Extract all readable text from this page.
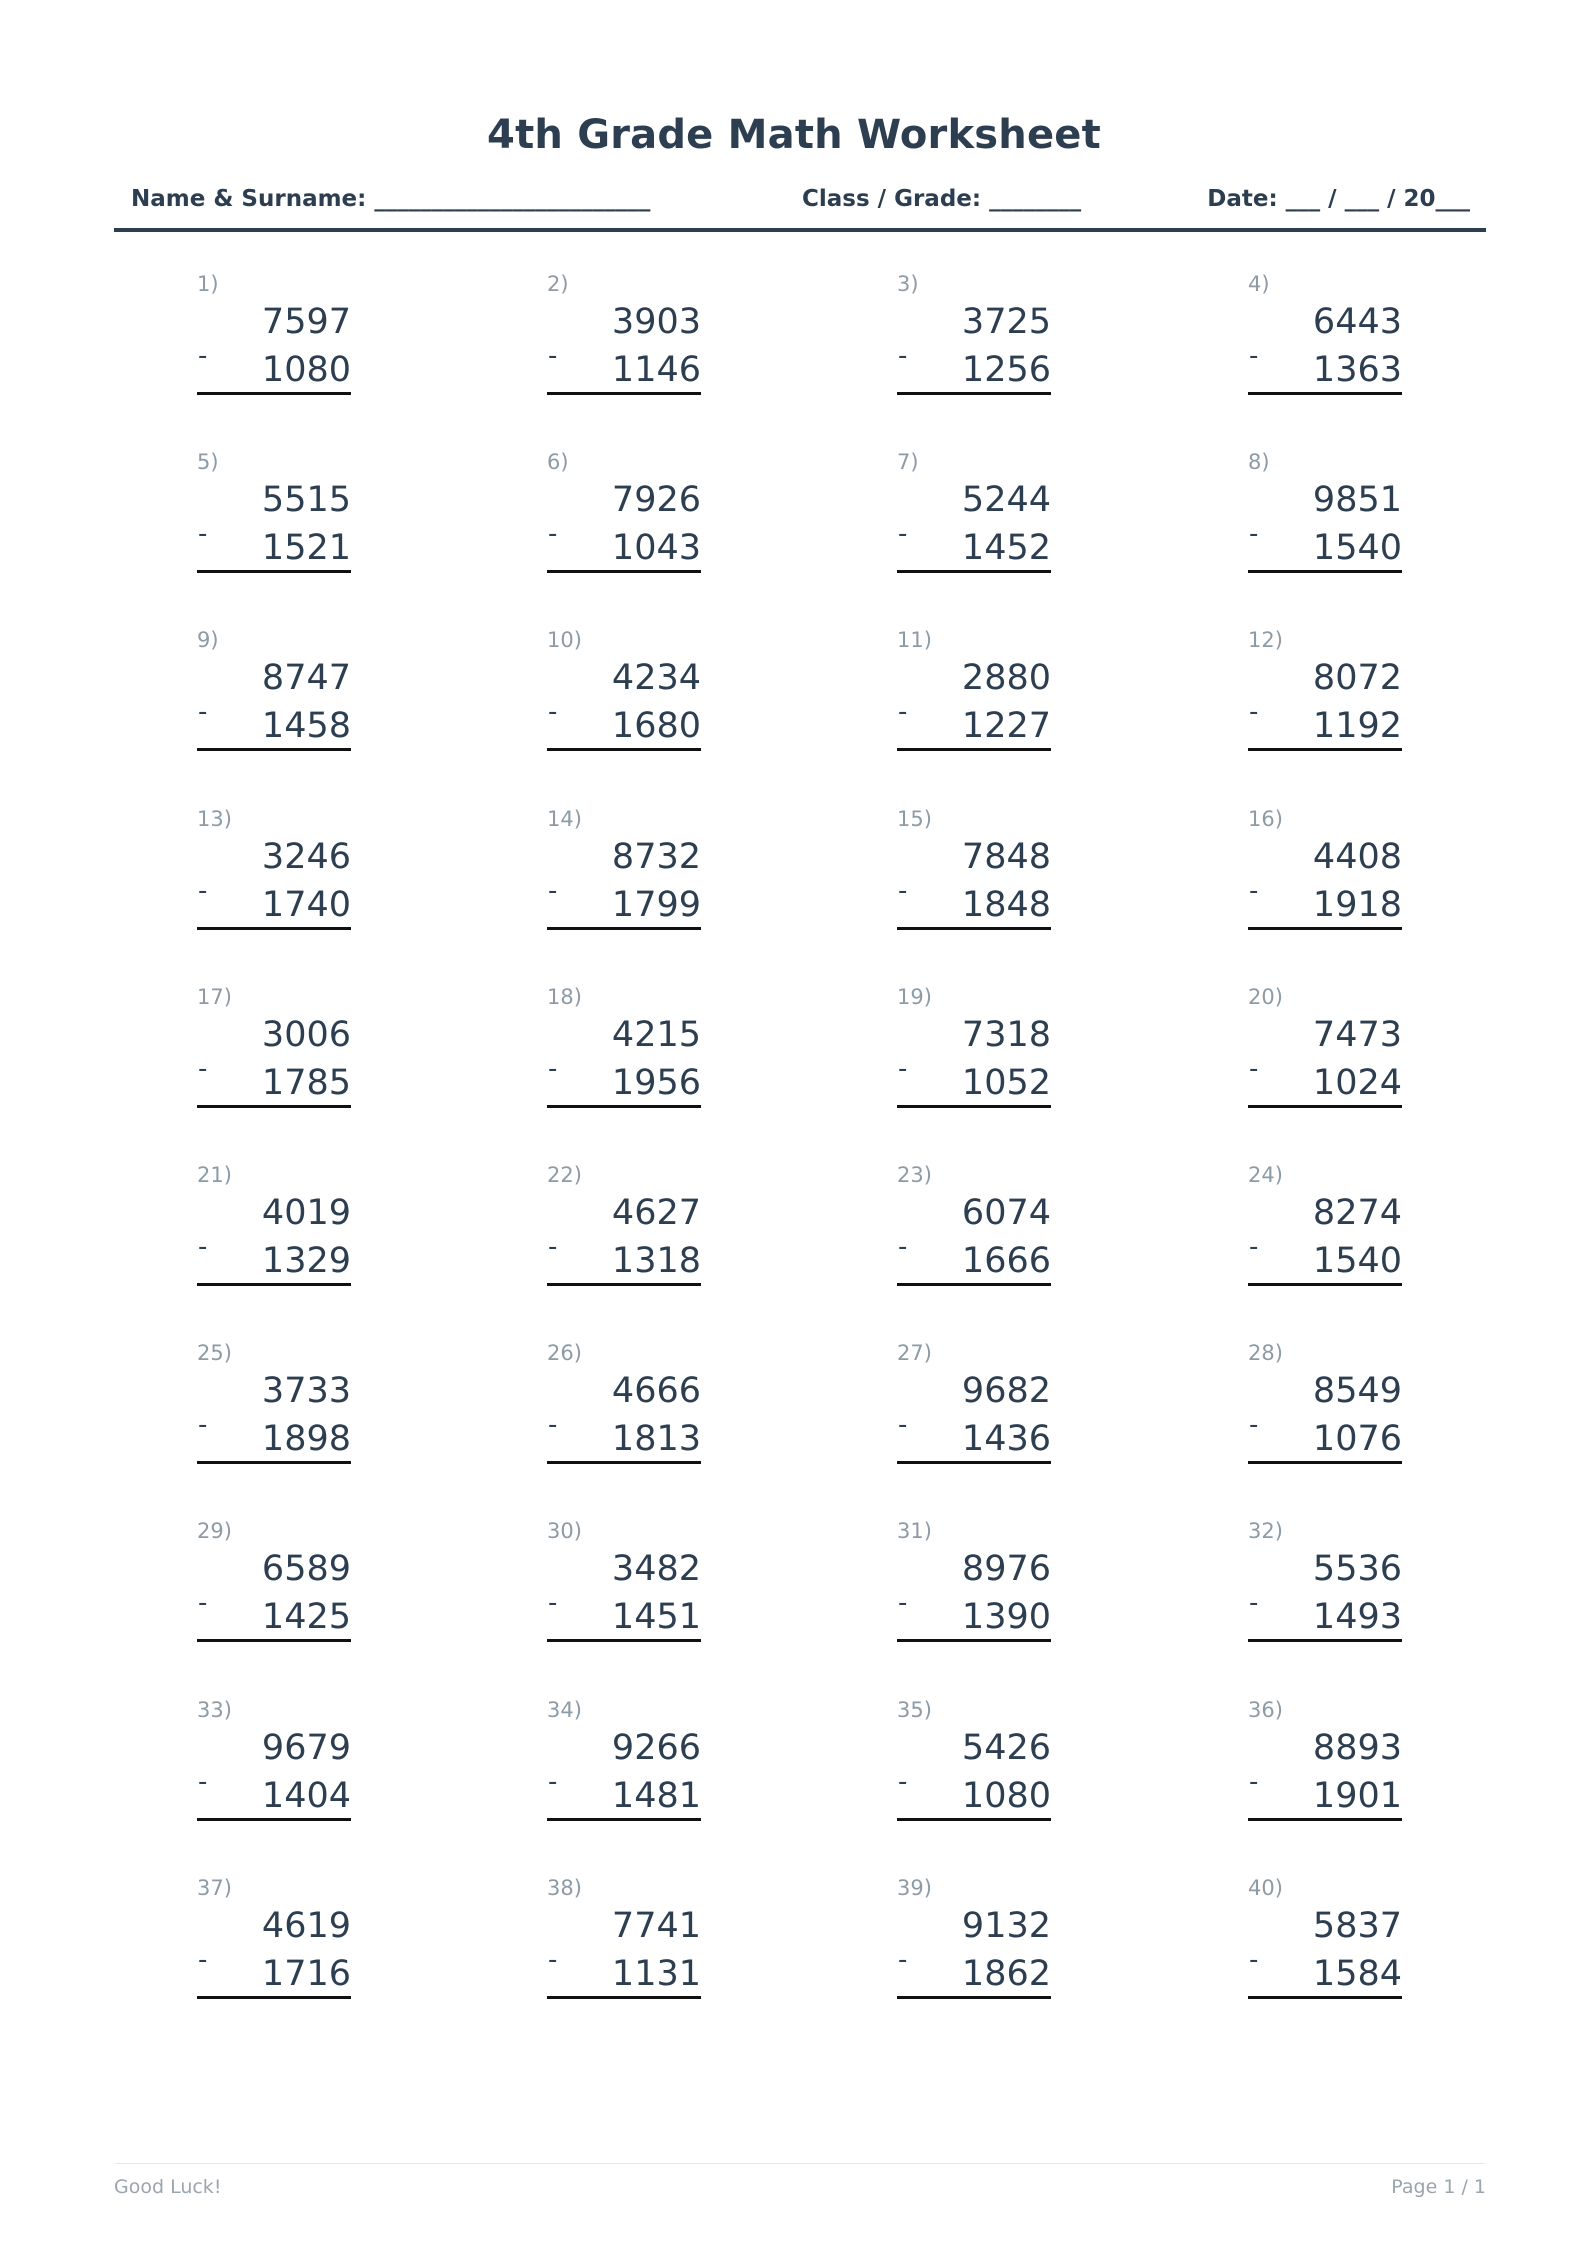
4th Grade Math Worksheet
Name & Surname: ________________________	Class / Grade: ________	Date: ___ / ___ / 20___
1)
7597
- 1080
2)
3903
- 1146
3)
3725
- 1256
4)
6443
- 1363
5)
5515
- 1521
6)
7926
- 1043
7)
5244
- 1452
8)
9851
- 1540
9)
8747
- 1458
10)
4234
- 1680
11)
2880
- 1227
12)
8072
- 1192
13)
3246
- 1740
14)
8732
- 1799
15)
7848
- 1848
16)
4408
- 1918
17)
3006
- 1785
18)
4215
- 1956
19)
7318
- 1052
20)
7473
- 1024
21)
4019
- 1329
22)
4627
- 1318
23)
6074
- 1666
24)
8274
- 1540
25)
3733
- 1898
26)
4666
- 1813
27)
9682
- 1436
28)
8549
- 1076
29)
6589
- 1425
30)
3482
- 1451
31)
8976
- 1390
32)
5536
- 1493
33)
9679
- 1404
34)
9266
- 1481
35)
5426
- 1080
36)
8893
- 1901
37)
4619
- 1716
38)
7741
- 1131
39)
9132
- 1862
40)
5837
- 1584
Good Luck!	Page 1 / 1
